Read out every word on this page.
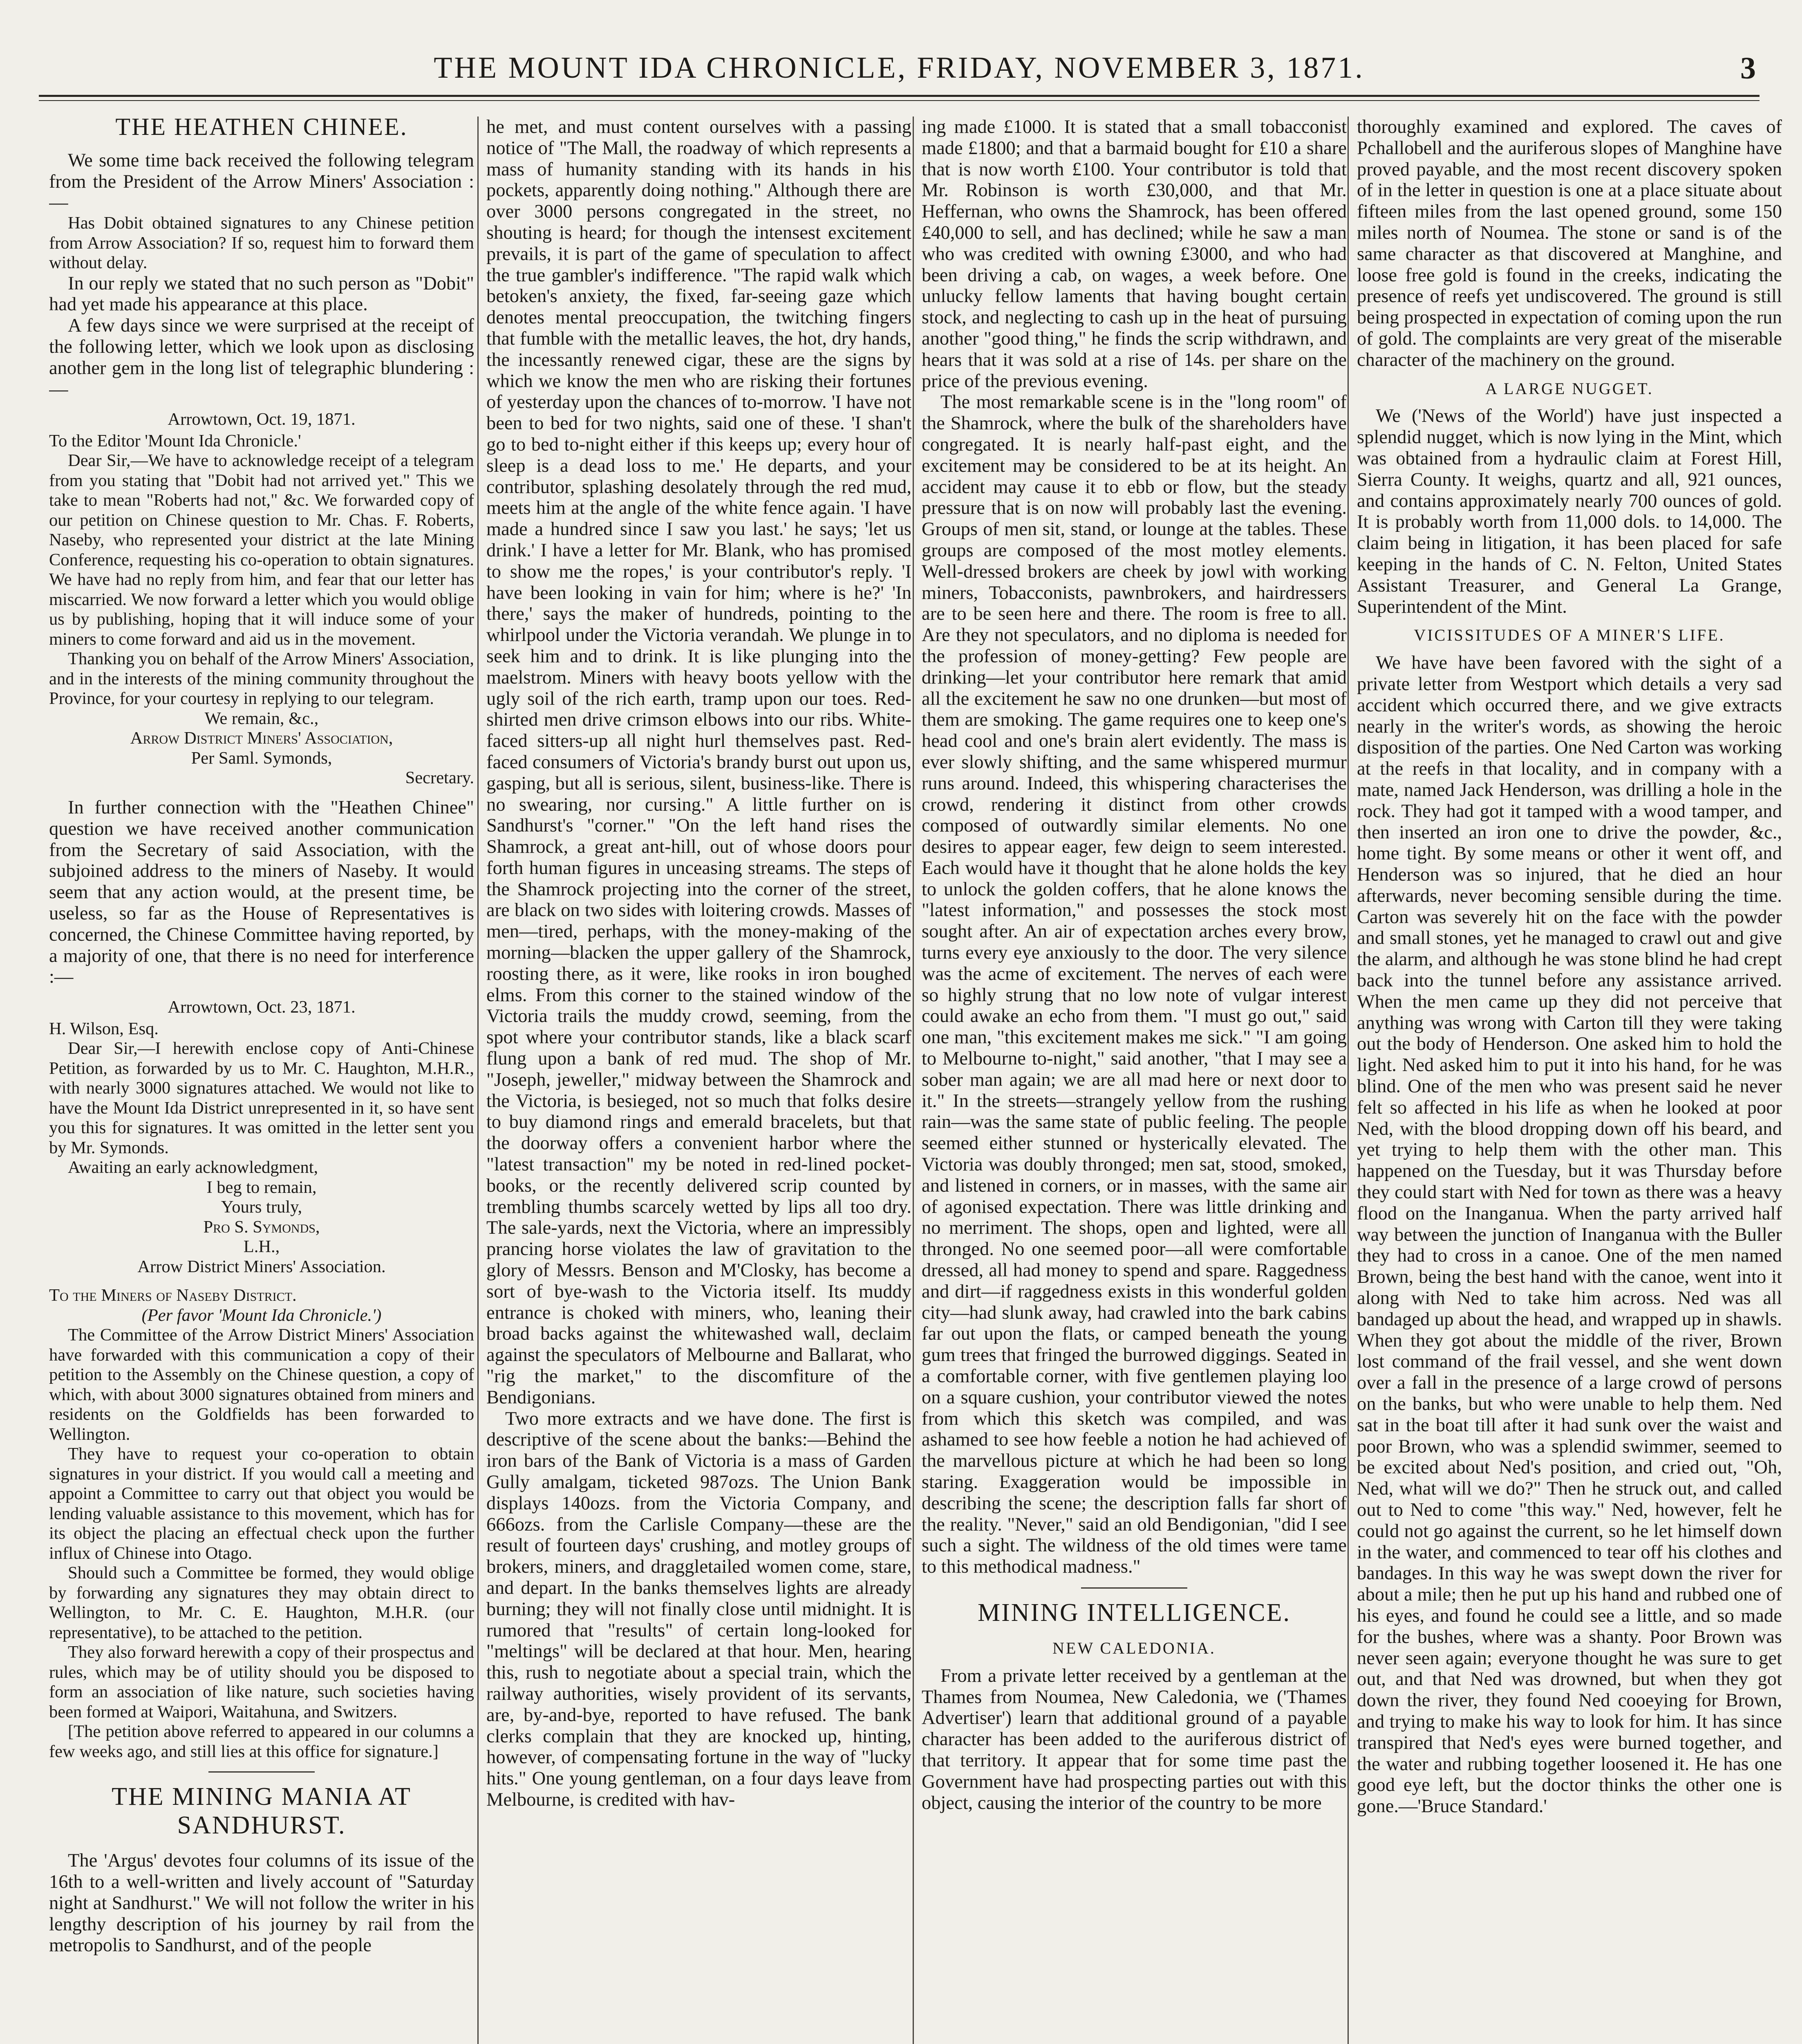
THE MOUNT IDA CHRONICLE, FRIDAY, NOVEMBER 3, 1871.	3
THE HEATHEN CHINEE.

We some time back received the following telegram from the President of the Arrow Miners' Association :—

Has Dobit obtained signatures to any Chinese petition from Arrow Association? If so, request him to forward them without delay.

In our reply we stated that no such person as "Dobit" had yet made his appearance at this place.

A few days since we were surprised at the receipt of the following letter, which we look upon as disclosing another gem in the long list of telegraphic blundering :—

Arrowtown, Oct. 19, 1871.

To the Editor 'Mount Ida Chronicle.'

Dear Sir,—We have to acknowledge receipt of a telegram from you stating that "Dobit had not arrived yet." This we take to mean "Roberts had not," &c. We forwarded copy of our petition on Chinese question to Mr. Chas. F. Roberts, Naseby, who represented your district at the late Mining Conference, requesting his co-operation to obtain signatures. We have had no reply from him, and fear that our letter has miscarried. We now forward a letter which you would oblige us by publishing, hoping that it will induce some of your miners to come forward and aid us in the movement.

Thanking you on behalf of the Arrow Miners' Association, and in the interests of the mining community throughout the Province, for your courtesy in replying to our telegram.

We remain, &c.,
Arrow District Miners' Association,
Per Saml. Symonds,
Secretary.

In further connection with the "Heathen Chinee" question we have received another communication from the Secretary of said Association, with the subjoined address to the miners of Naseby. It would seem that any action would, at the present time, be useless, so far as the House of Representatives is concerned, the Chinese Committee having reported, by a majority of one, that there is no need for interference :—

Arrowtown, Oct. 23, 1871.

H. Wilson, Esq.

Dear Sir,—I herewith enclose copy of Anti-Chinese Petition, as forwarded by us to Mr. C. Haughton, M.H.R., with nearly 3000 signatures attached. We would not like to have the Mount Ida District unrepresented in it, so have sent you this for signatures. It was omitted in the letter sent you by Mr. Symonds.

Awaiting an early acknowledgment,

I beg to remain,
Yours truly,
Pro S. Symonds,
L.H.,
Arrow District Miners' Association.

To the Miners of Naseby District.

(Per favor 'Mount Ida Chronicle.')

The Committee of the Arrow District Miners' Association have forwarded with this communication a copy of their petition to the Assembly on the Chinese question, a copy of which, with about 3000 signatures obtained from miners and residents on the Goldfields has been forwarded to Wellington.

They have to request your co-operation to obtain signatures in your district. If you would call a meeting and appoint a Committee to carry out that object you would be lending valuable assistance to this movement, which has for its object the placing an effectual check upon the further influx of Chinese into Otago.

Should such a Committee be formed, they would oblige by forwarding any signatures they may obtain direct to Wellington, to Mr. C. E. Haughton, M.H.R. (our representative), to be attached to the petition.

They also forward herewith a copy of their prospectus and rules, which may be of utility should you be disposed to form an association of like nature, such societies having been formed at Waipori, Waitahuna, and Switzers.

[The petition above referred to appeared in our columns a few weeks ago, and still lies at this office for signature.]

THE MINING MANIA AT SANDHURST.

The 'Argus' devotes four columns of its issue of the 16th to a well-written and lively account of "Saturday night at Sandhurst." We will not follow the writer in his lengthy description of his journey by rail from the metropolis to Sandhurst, and of the people

he met, and must content ourselves with a passing notice of "The Mall, the roadway of which represents a mass of humanity standing with its hands in his pockets, apparently doing nothing." Although there are over 3000 persons congregated in the street, no shouting is heard; for though the intensest excitement prevails, it is part of the game of speculation to affect the true gambler's indifference. "The rapid walk which betoken's anxiety, the fixed, far-seeing gaze which denotes mental preoccupation, the twitching fingers that fumble with the metallic leaves, the hot, dry hands, the incessantly renewed cigar, these are the signs by which we know the men who are risking their fortunes of yesterday upon the chances of to-morrow. 'I have not been to bed for two nights, said one of these. 'I shan't go to bed to-night either if this keeps up; every hour of sleep is a dead loss to me.' He departs, and your contributor, splashing desolately through the red mud, meets him at the angle of the white fence again. 'I have made a hundred since I saw you last.' he says; 'let us drink.' I have a letter for Mr. Blank, who has promised to show me the ropes,' is your contributor's reply. 'I have been looking in vain for him; where is he?' 'In there,' says the maker of hundreds, pointing to the whirlpool under the Victoria verandah. We plunge in to seek him and to drink. It is like plunging into the maelstrom. Miners with heavy boots yellow with the ugly soil of the rich earth, tramp upon our toes. Red-shirted men drive crimson elbows into our ribs. White-faced sitters-up all night hurl themselves past. Red-faced consumers of Victoria's brandy burst out upon us, gasping, but all is serious, silent, business-like. There is no swearing, nor cursing." A little further on is Sandhurst's "corner." "On the left hand rises the Shamrock, a great ant-hill, out of whose doors pour forth human figures in unceasing streams. The steps of the Shamrock projecting into the corner of the street, are black on two sides with loitering crowds. Masses of men—tired, perhaps, with the money-making of the morning—blacken the upper gallery of the Shamrock, roosting there, as it were, like rooks in iron boughed elms. From this corner to the stained window of the Victoria trails the muddy crowd, seeming, from the spot where your contributor stands, like a black scarf flung upon a bank of red mud. The shop of Mr. "Joseph, jeweller," midway between the Shamrock and the Victoria, is besieged, not so much that folks desire to buy diamond rings and emerald bracelets, but that the doorway offers a convenient harbor where the "latest transaction" my be noted in red-lined pocket-books, or the recently delivered scrip counted by trembling thumbs scarcely wetted by lips all too dry. The sale-yards, next the Victoria, where an impressibly prancing horse violates the law of gravitation to the glory of Messrs. Benson and M'Closky, has become a sort of bye-wash to the Victoria itself. Its muddy entrance is choked with miners, who, leaning their broad backs against the whitewashed wall, declaim against the speculators of Melbourne and Ballarat, who "rig the market," to the discomfiture of the Bendigonians.

Two more extracts and we have done. The first is descriptive of the scene about the banks:—Behind the iron bars of the Bank of Victoria is a mass of Garden Gully amalgam, ticketed 987ozs. The Union Bank displays 140ozs. from the Victoria Company, and 666ozs. from the Carlisle Company—these are the result of fourteen days' crushing, and motley groups of brokers, miners, and draggletailed women come, stare, and depart. In the banks themselves lights are already burning; they will not finally close until midnight. It is rumored that "results" of certain long-looked for "meltings" will be declared at that hour. Men, hearing this, rush to negotiate about a special train, which the railway authorities, wisely provident of its servants, are, by-and-bye, reported to have refused. The bank clerks complain that they are knocked up, hinting, however, of compensating fortune in the way of "lucky hits." One young gentleman, on a four days leave from Melbourne, is credited with hav-

ing made £1000. It is stated that a small tobacconist made £1800; and that a barmaid bought for £10 a share that is now worth £100. Your contributor is told that Mr. Robinson is worth £30,000, and that Mr. Heffernan, who owns the Shamrock, has been offered £40,000 to sell, and has declined; while he saw a man who was credited with owning £3000, and who had been driving a cab, on wages, a week before. One unlucky fellow laments that having bought certain stock, and neglecting to cash up in the heat of pursuing another "good thing," he finds the scrip withdrawn, and hears that it was sold at a rise of 14s. per share on the price of the previous evening.

The most remarkable scene is in the "long room" of the Shamrock, where the bulk of the shareholders have congregated. It is nearly half-past eight, and the excitement may be considered to be at its height. An accident may cause it to ebb or flow, but the steady pressure that is on now will probably last the evening. Groups of men sit, stand, or lounge at the tables. These groups are composed of the most motley elements. Well-dressed brokers are cheek by jowl with working miners, Tobacconists, pawnbrokers, and hairdressers are to be seen here and there. The room is free to all. Are they not speculators, and no diploma is needed for the profession of money-getting? Few people are drinking—let your contributor here remark that amid all the excitement he saw no one drunken—but most of them are smoking. The game requires one to keep one's head cool and one's brain alert evidently. The mass is ever slowly shifting, and the same whispered murmur runs around. Indeed, this whispering characterises the crowd, rendering it distinct from other crowds composed of outwardly similar elements. No one desires to appear eager, few deign to seem interested. Each would have it thought that he alone holds the key to unlock the golden coffers, that he alone knows the "latest information," and possesses the stock most sought after. An air of expectation arches every brow, turns every eye anxiously to the door. The very silence was the acme of excitement. The nerves of each were so highly strung that no low note of vulgar interest could awake an echo from them. "I must go out," said one man, "this excitement makes me sick." "I am going to Melbourne to-night," said another, "that I may see a sober man again; we are all mad here or next door to it." In the streets—strangely yellow from the rushing rain—was the same state of public feeling. The people seemed either stunned or hysterically elevated. The Victoria was doubly thronged; men sat, stood, smoked, and listened in corners, or in masses, with the same air of agonised expectation. There was little drinking and no merriment. The shops, open and lighted, were all thronged. No one seemed poor—all were comfortable dressed, all had money to spend and spare. Raggedness and dirt—if raggedness exists in this wonderful golden city—had slunk away, had crawled into the bark cabins far out upon the flats, or camped beneath the young gum trees that fringed the burrowed diggings. Seated in a comfortable corner, with five gentlemen playing loo on a square cushion, your contributor viewed the notes from which this sketch was compiled, and was ashamed to see how feeble a notion he had achieved of the marvellous picture at which he had been so long staring. Exaggeration would be impossible in describing the scene; the description falls far short of the reality. "Never," said an old Bendigonian, "did I see such a sight. The wildness of the old times were tame to this methodical madness."

MINING INTELLIGENCE.
NEW CALEDONIA.

From a private letter received by a gentleman at the Thames from Noumea, New Caledonia, we ('Thames Advertiser') learn that additional ground of a payable character has been added to the auriferous district of that territory. It appear that for some time past the Government have had prospecting parties out with this object, causing the interior of the country to be more

thoroughly examined and explored. The caves of Pchallobell and the auriferous slopes of Manghine have proved payable, and the most recent discovery spoken of in the letter in question is one at a place situate about fifteen miles from the last opened ground, some 150 miles north of Noumea. The stone or sand is of the same character as that discovered at Manghine, and loose free gold is found in the creeks, indicating the presence of reefs yet undiscovered. The ground is still being prospected in expectation of coming upon the run of gold. The complaints are very great of the miserable character of the machinery on the ground.

A LARGE NUGGET.

We ('News of the World') have just inspected a splendid nugget, which is now lying in the Mint, which was obtained from a hydraulic claim at Forest Hill, Sierra County. It weighs, quartz and all, 921 ounces, and contains approximately nearly 700 ounces of gold. It is probably worth from 11,000 dols. to 14,000. The claim being in litigation, it has been placed for safe keeping in the hands of C. N. Felton, United States Assistant Treasurer, and General La Grange, Superintendent of the Mint.

VICISSITUDES OF A MINER'S LIFE.

We have have been favored with the sight of a private letter from Westport which details a very sad accident which occurred there, and we give extracts nearly in the writer's words, as showing the heroic disposition of the parties. One Ned Carton was working at the reefs in that locality, and in company with a mate, named Jack Henderson, was drilling a hole in the rock. They had got it tamped with a wood tamper, and then inserted an iron one to drive the powder, &c., home tight. By some means or other it went off, and Henderson was so injured, that he died an hour afterwards, never becoming sensible during the time. Carton was severely hit on the face with the powder and small stones, yet he managed to crawl out and give the alarm, and although he was stone blind he had crept back into the tunnel before any assistance arrived. When the men came up they did not perceive that anything was wrong with Carton till they were taking out the body of Henderson. One asked him to hold the light. Ned asked him to put it into his hand, for he was blind. One of the men who was present said he never felt so affected in his life as when he looked at poor Ned, with the blood dropping down off his beard, and yet trying to help them with the other man. This happened on the Tuesday, but it was Thursday before they could start with Ned for town as there was a heavy flood on the Inanganua. When the party arrived half way between the junction of Inanganua with the Buller they had to cross in a canoe. One of the men named Brown, being the best hand with the canoe, went into it along with Ned to take him across. Ned was all bandaged up about the head, and wrapped up in shawls. When they got about the middle of the river, Brown lost command of the frail vessel, and she went down over a fall in the presence of a large crowd of persons on the banks, but who were unable to help them. Ned sat in the boat till after it had sunk over the waist and poor Brown, who was a splendid swimmer, seemed to be excited about Ned's position, and cried out, "Oh, Ned, what will we do?" Then he struck out, and called out to Ned to come "this way." Ned, however, felt he could not go against the current, so he let himself down in the water, and commenced to tear off his clothes and bandages. In this way he was swept down the river for about a mile; then he put up his hand and rubbed one of his eyes, and found he could see a little, and so made for the bushes, where was a shanty. Poor Brown was never seen again; everyone thought he was sure to get out, and that Ned was drowned, but when they got down the river, they found Ned cooeying for Brown, and trying to make his way to look for him. It has since transpired that Ned's eyes were burned together, and the water and rubbing together loosened it. He has one good eye left, but the doctor thinks the other one is gone.—'Bruce Standard.'
